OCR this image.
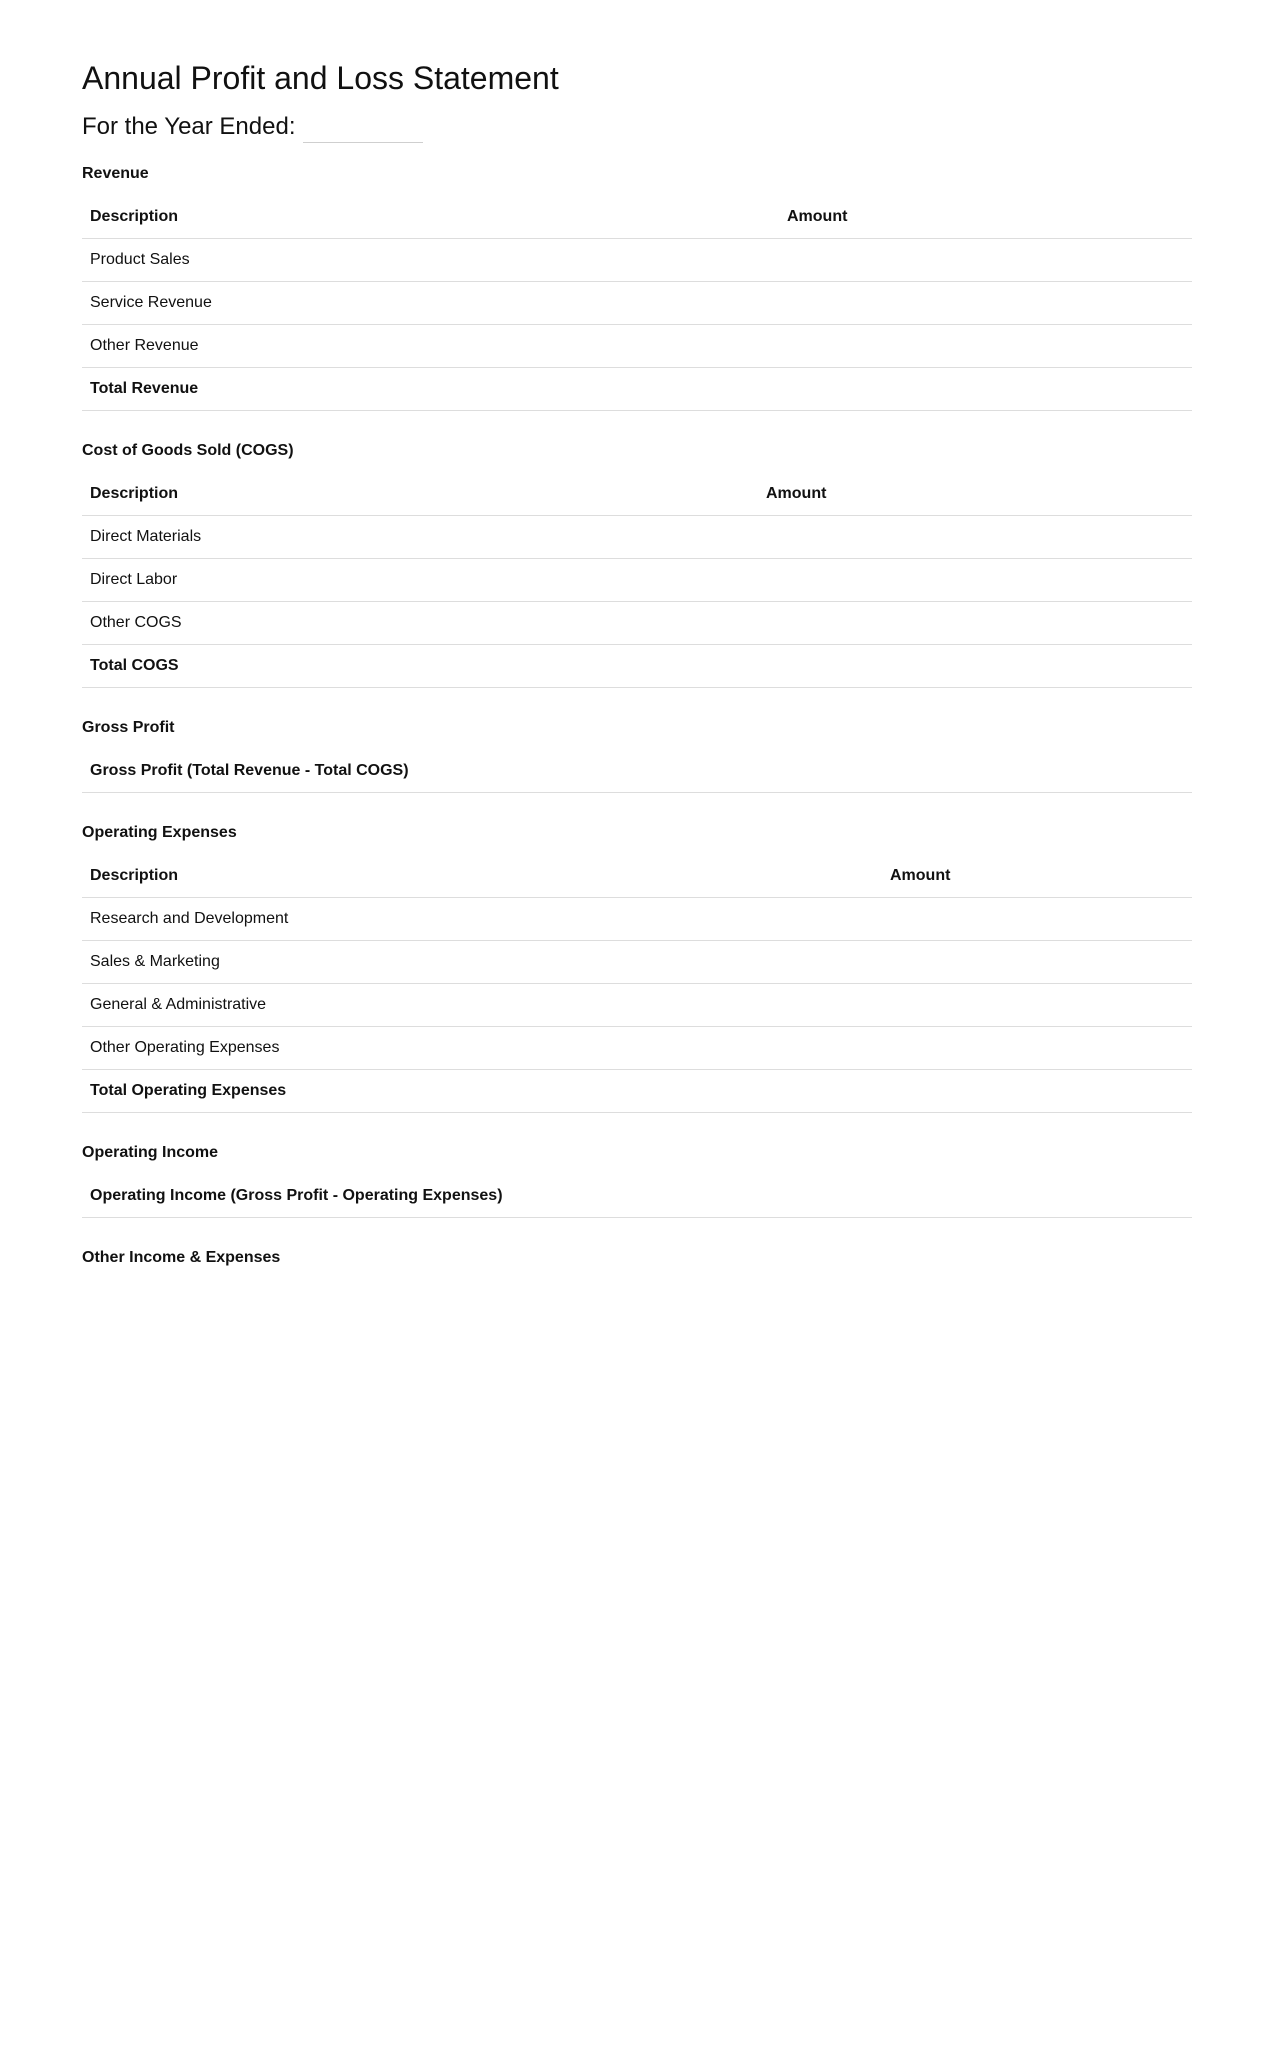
Annual Profit and Loss Statement
For the Year Ended:
Revenue
Description	Amount
Product Sales	
Service Revenue	
Other Revenue	
Total Revenue	
Cost of Goods Sold (COGS)
Description	Amount
Direct Materials	
Direct Labor	
Other COGS	
Total COGS	
Gross Profit
Gross Profit (Total Revenue - Total COGS)	
Operating Expenses
Description	Amount
Research and Development	
Sales & Marketing	
General & Administrative	
Other Operating Expenses	
Total Operating Expenses	
Operating Income
Operating Income (Gross Profit - Operating Expenses)	
Other Income & Expenses
